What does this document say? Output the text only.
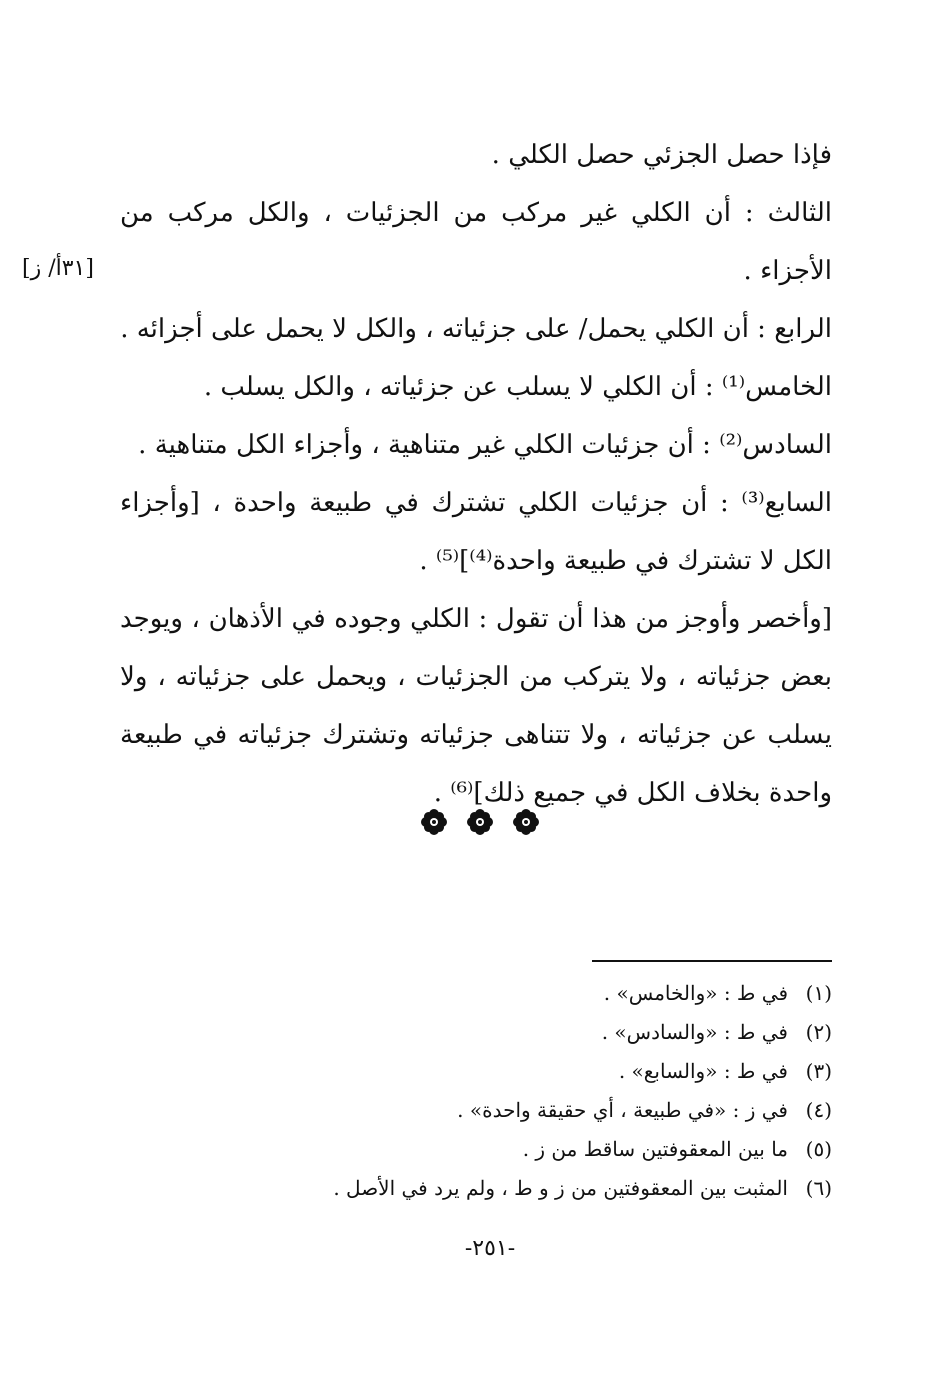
فإذا حصل الجزئي حصل الكلي .

الثالث : أن الكلي غير مركب من الجزئيات ، والكل مركب من الأجزاء .

الرابع : أن الكلي يحمل/ على جزئياته ، والكل لا يحمل على أجزائه .

الخامس⁽¹⁾ : أن الكلي لا يسلب عن جزئياته ، والكل يسلب .

السادس⁽²⁾ : أن جزئيات الكلي غير متناهية ، وأجزاء الكل متناهية .

السابع⁽³⁾ : أن جزئيات الكلي تشترك في طبيعة واحدة ، [وأجزاء الكل لا تشترك في طبيعة واحدة⁽⁴⁾]⁽⁵⁾ .

[وأخصر وأوجز من هذا أن تقول : الكلي وجوده في الأذهان ، ويوجد بعض جزئياته ، ولا يتركب من الجزئيات ، ويحمل على جزئياته ، ولا يسلب عن جزئياته ، ولا تتناهى جزئياته وتشترك جزئياته في طبيعة واحدة بخلاف الكل في جميع ذلك]⁽⁶⁾ .

[٣١أ/ ز]
(١)
في ط : «والخامس» .
(٢)
في ط : «والسادس» .
(٣)
في ط : «والسابع» .
(٤)
في ز : «في طبيعة ، أي حقيقة واحدة» .
(٥)
ما بين المعقوفتين ساقط من ز .
(٦)
المثبت بين المعقوفتين من ز و ط ، ولم يرد في الأصل .
-٢٥١-
